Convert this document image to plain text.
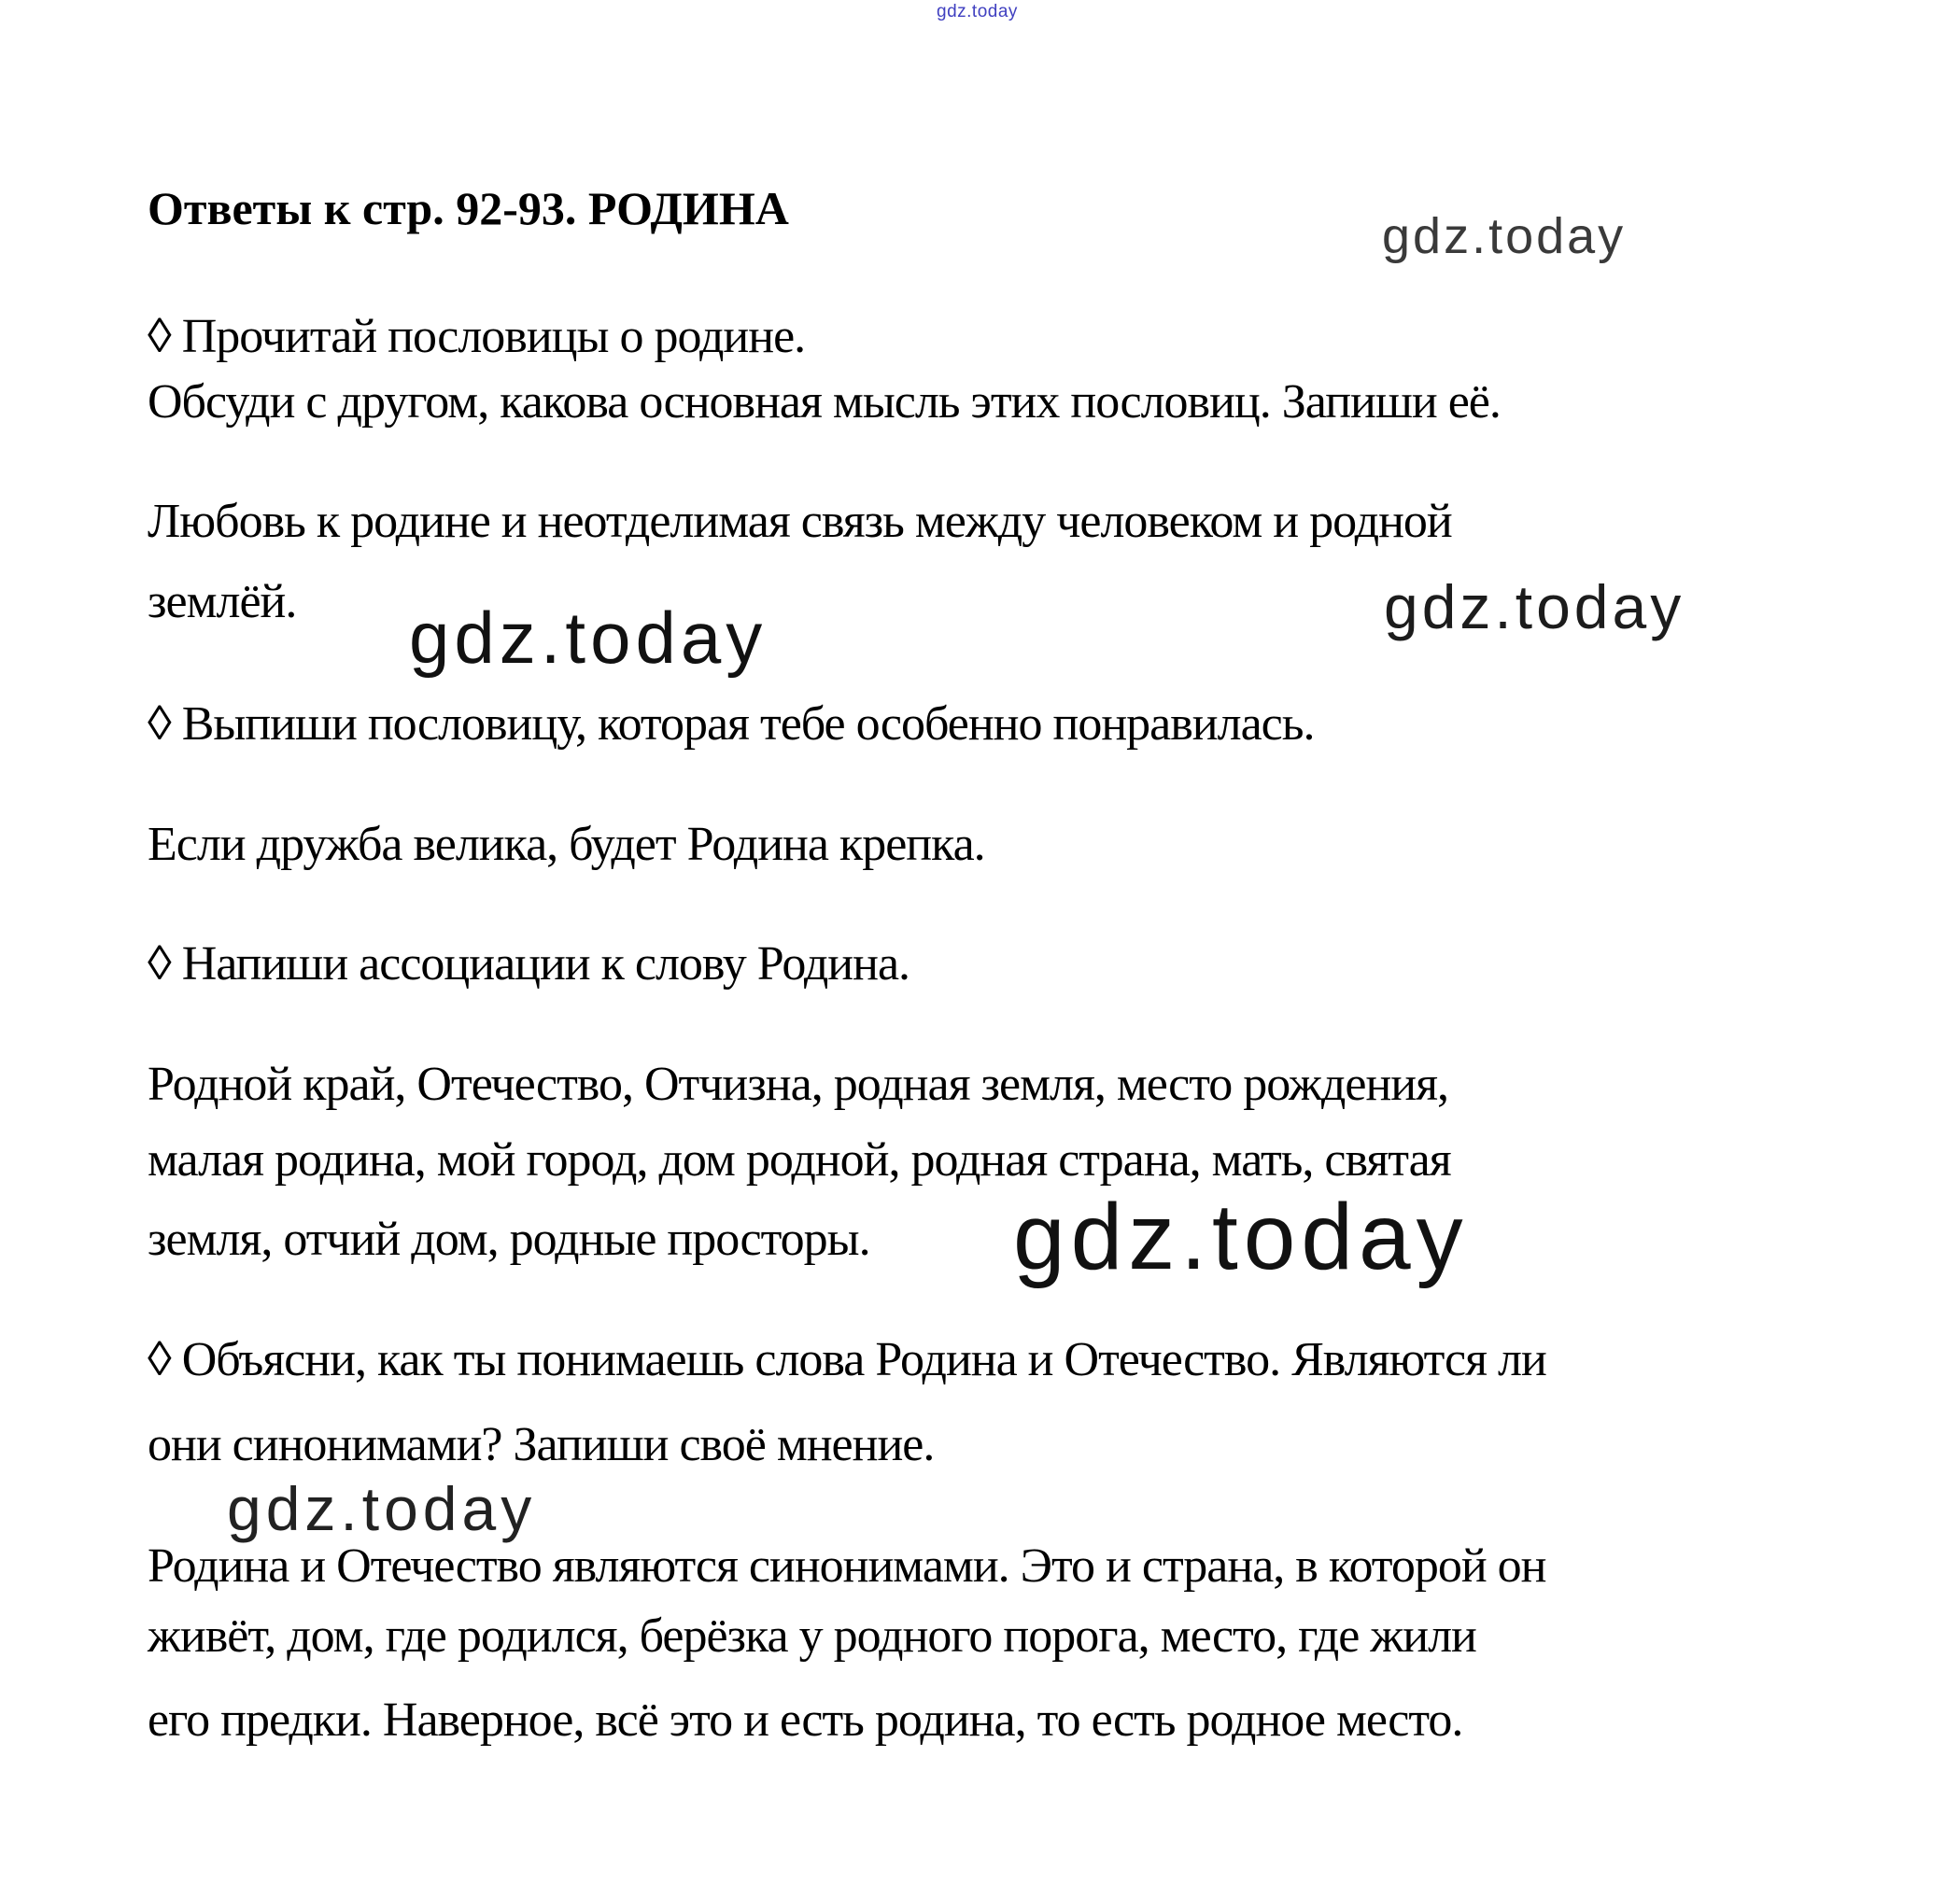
gdz.today
gdz.today
gdz.today
gdz.today
gdz.today
gdz.today
Ответы к стр. 92-93. РОДИНА
◊ Прочитай пословицы о родине.
Обсуди с другом, какова основная мысль этих пословиц. Запиши её.
Любовь к родине и неотделимая связь между человеком и родной
землёй.
◊ Выпиши пословицу, которая тебе особенно понравилась.
Если дружба велика, будет Родина крепка.
◊ Напиши ассоциации к слову Родина.
Родной край, Отечество, Отчизна, родная земля, место рождения,
малая родина, мой город, дом родной, родная страна, мать, святая
земля, отчий дом, родные просторы.
◊ Объясни, как ты понимаешь слова Родина и Отечество. Являются ли
они синонимами? Запиши своё мнение.
Родина и Отечество являются синонимами. Это и страна, в которой он
живёт, дом, где родился, берёзка у родного порога, место, где жили
его предки. Наверное, всё это и есть родина, то есть родное место.
